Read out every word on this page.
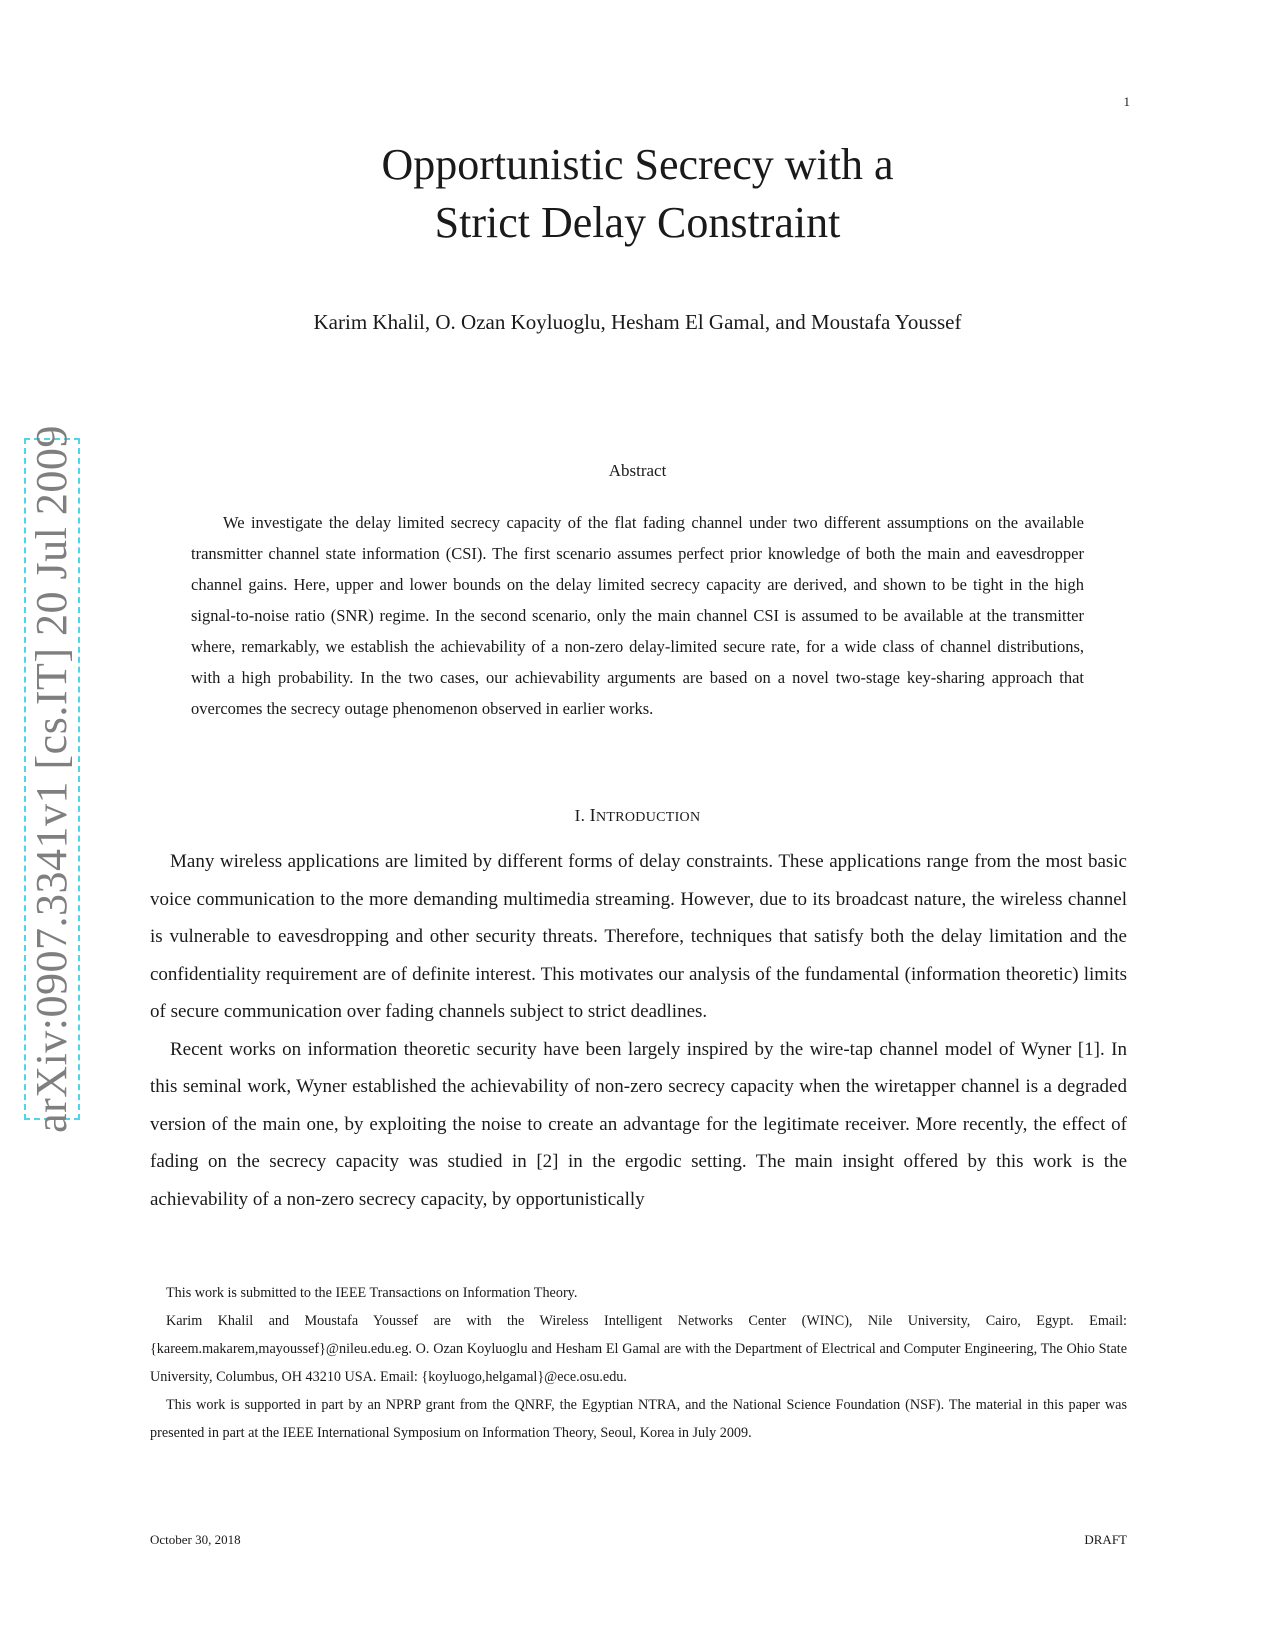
1
Opportunistic Secrecy with a
Strict Delay Constraint
Karim Khalil, O. Ozan Koyluoglu, Hesham El Gamal, and Moustafa Youssef
arXiv:0907.3341v1 [cs.IT] 20 Jul 2009	Abstract

We investigate the delay limited secrecy capacity of the flat fading channel under two different assumptions on the available transmitter channel state information (CSI). The first scenario assumes perfect prior knowledge of both the main and eavesdropper channel gains. Here, upper and lower bounds on the delay limited secrecy capacity are derived, and shown to be tight in the high signal-to-noise ratio (SNR) regime. In the second scenario, only the main channel CSI is assumed to be available at the transmitter where, remarkably, we establish the achievability of a non-zero delay-limited secure rate, for a wide class of channel distributions, with a high probability. In the two cases, our achievability arguments are based on a novel two-stage key-sharing approach that overcomes the secrecy outage phenomenon observed in earlier works.

I. INTRODUCTION

Many wireless applications are limited by different forms of delay constraints. These applications range from the most basic voice communication to the more demanding multimedia streaming. However, due to its broadcast nature, the wireless channel is vulnerable to eavesdropping and other security threats. Therefore, techniques that satisfy both the delay limitation and the confidentiality requirement are of definite interest. This motivates our analysis of the fundamental (information theoretic) limits of secure communication over fading channels subject to strict deadlines.

Recent works on information theoretic security have been largely inspired by the wire-tap channel model of Wyner [1]. In this seminal work, Wyner established the achievability of non-zero secrecy capacity when the wiretapper channel is a degraded version of the main one, by exploiting the noise to create an advantage for the legitimate receiver. More recently, the effect of fading on the secrecy capacity was studied in [2] in the ergodic setting. The main insight offered by this work is the achievability of a non-zero secrecy capacity, by opportunistically

This work is submitted to the IEEE Transactions on Information Theory.

Karim Khalil and Moustafa Youssef are with the Wireless Intelligent Networks Center (WINC), Nile University, Cairo, Egypt. Email: {kareem.makarem,mayoussef}@nileu.edu.eg. O. Ozan Koyluoglu and Hesham El Gamal are with the Department of Electrical and Computer Engineering, The Ohio State University, Columbus, OH 43210 USA. Email: {koyluogo,helgamal}@ece.osu.edu.

This work is supported in part by an NPRP grant from the QNRF, the Egyptian NTRA, and the National Science Foundation (NSF). The material in this paper was presented in part at the IEEE International Symposium on Information Theory, Seoul, Korea in July 2009.

October 30, 2018	DRAFT
